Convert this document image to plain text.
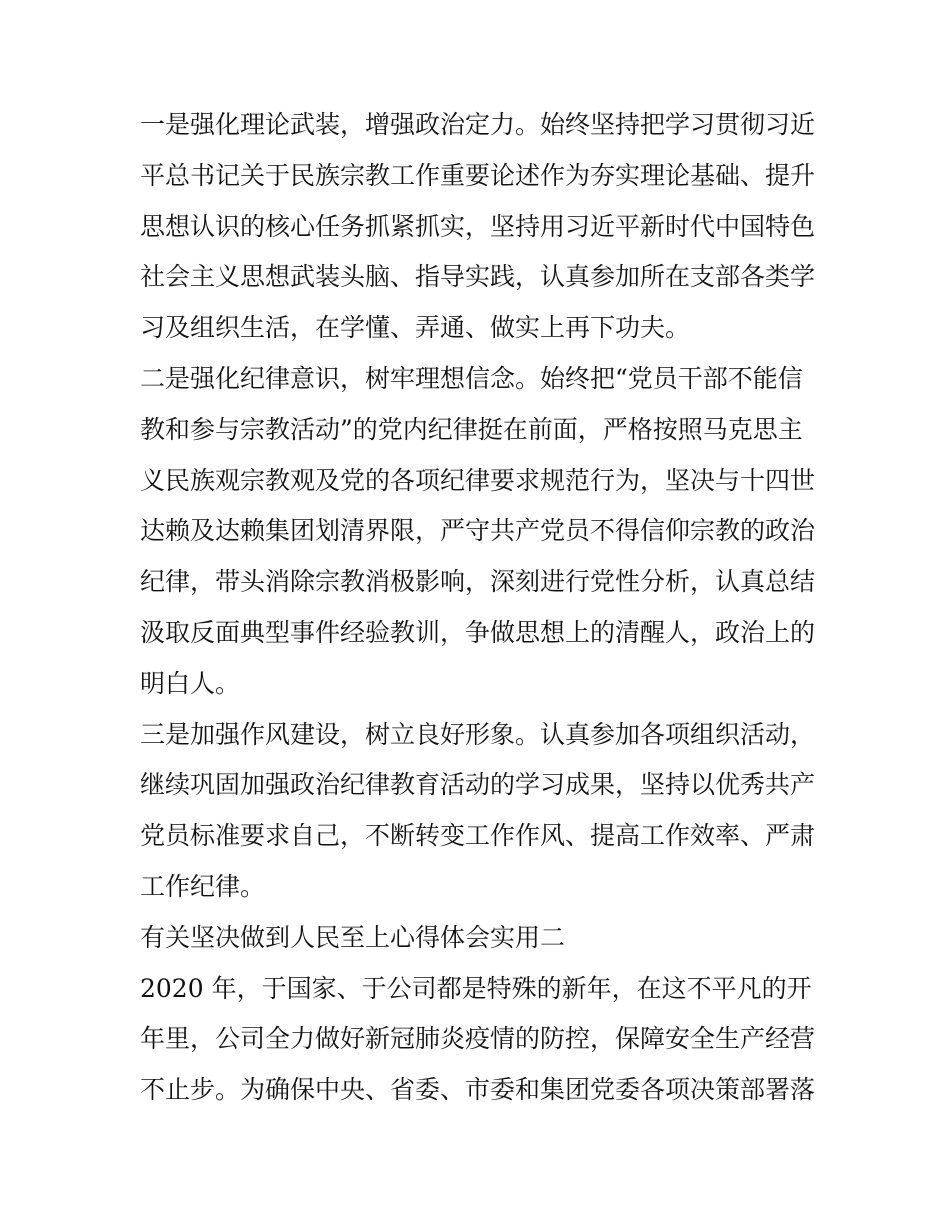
一是强化理论武装，增强政治定力。始终坚持把学习贯彻习近
平总书记关于民族宗教工作重要论述作为夯实理论基础、提升
思想认识的核心任务抓紧抓实，坚持用习近平新时代中国特色
社会主义思想武装头脑、指导实践，认真参加所在支部各类学
习及组织生活，在学懂、弄通、做实上再下功夫。
二是强化纪律意识，树牢理想信念。始终把“党员干部不能信
教和参与宗教活动”的党内纪律挺在前面，严格按照马克思主
义民族观宗教观及党的各项纪律要求规范行为，坚决与十四世
达赖及达赖集团划清界限，严守共产党员不得信仰宗教的政治
纪律，带头消除宗教消极影响，深刻进行党性分析，认真总结
汲取反面典型事件经验教训，争做思想上的清醒人，政治上的
明白人。
三是加强作风建设，树立良好形象。认真参加各项组织活动，
继续巩固加强政治纪律教育活动的学习成果，坚持以优秀共产
党员标准要求自己，不断转变工作作风、提高工作效率、严肃
工作纪律。
有关坚决做到人民至上心得体会实用二
2020 年，于国家、于公司都是特殊的新年，在这不平凡的开
年里，公司全力做好新冠肺炎疫情的防控，保障安全生产经营
不止步。为确保中央、省委、市委和集团党委各项决策部署落
